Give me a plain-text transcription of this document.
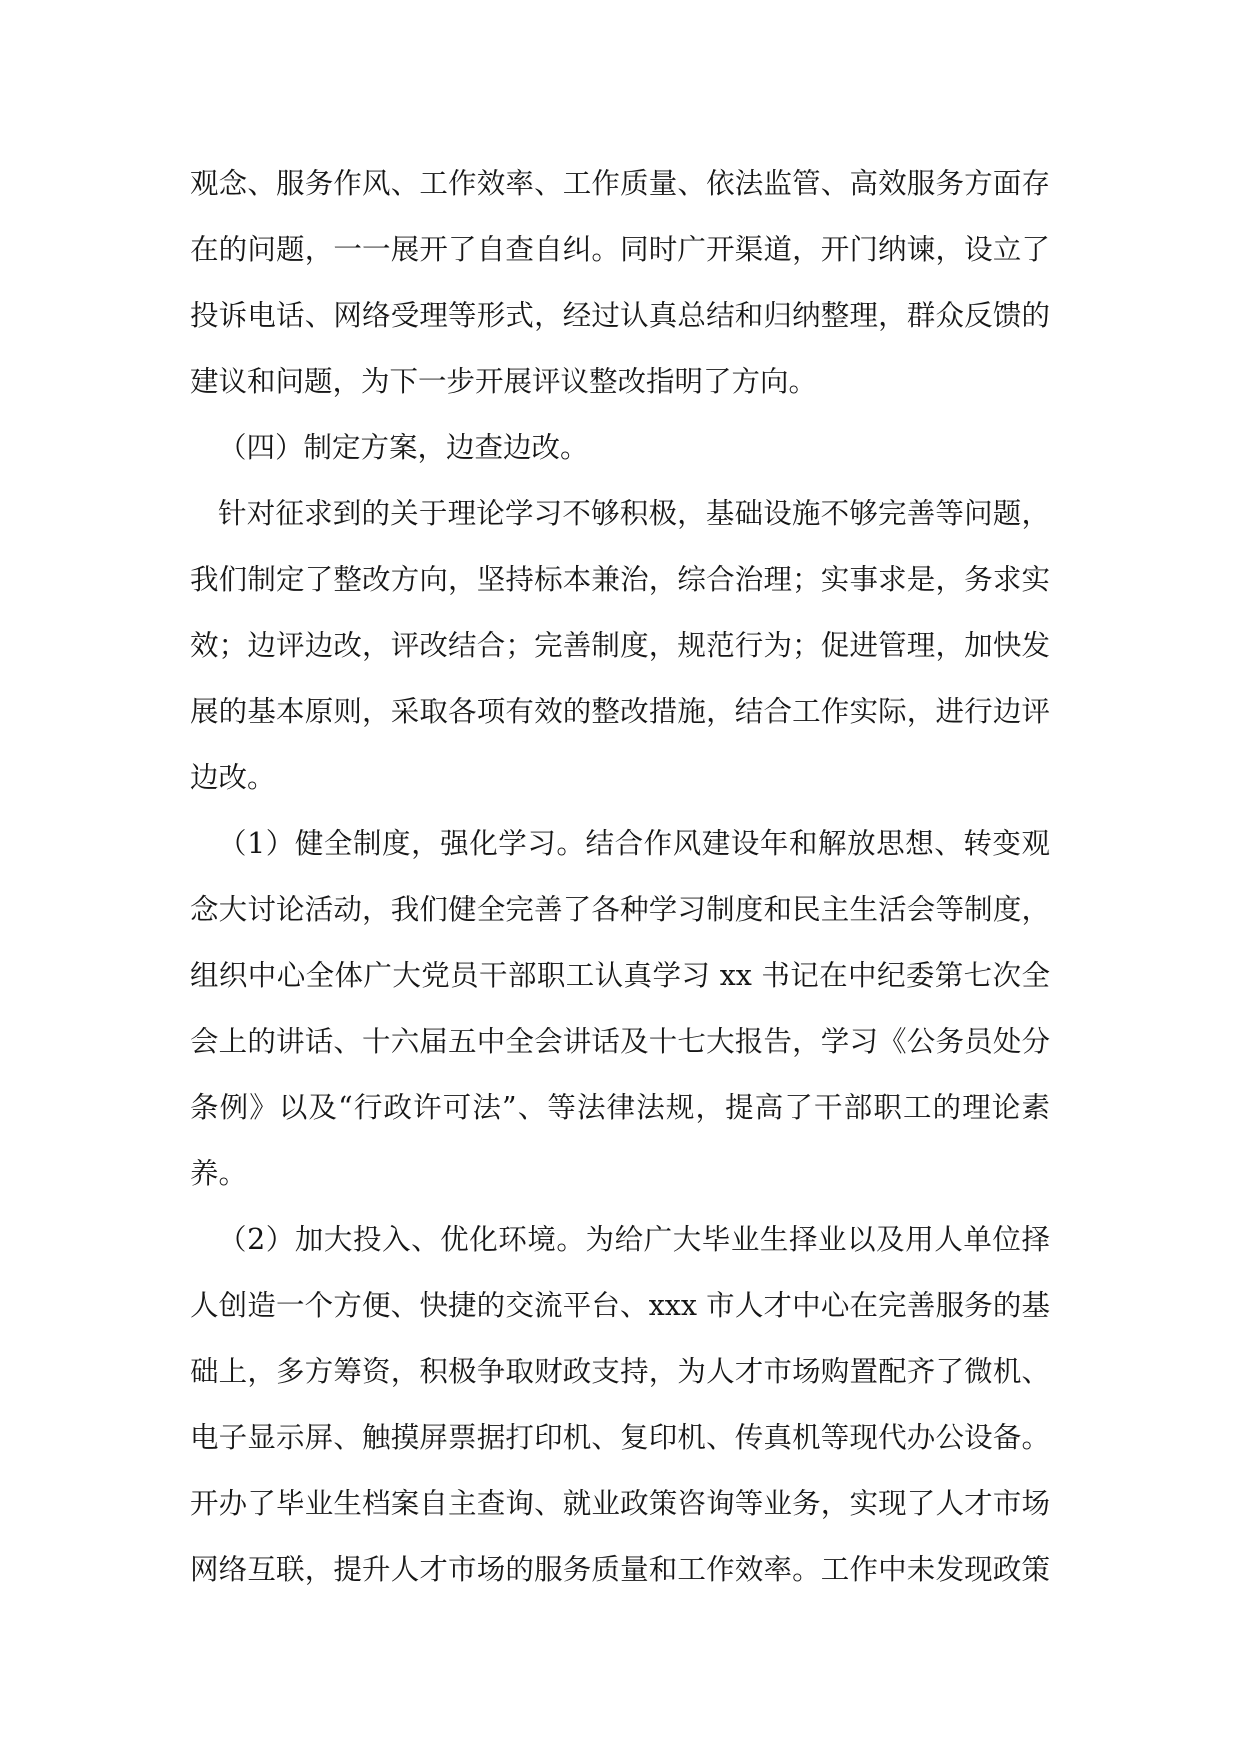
观念、服务作风、工作效率、工作质量、依法监管、高效服务方面存
在的问题，一一展开了自查自纠。同时广开渠道，开门纳谏，设立了
投诉电话、网络受理等形式，经过认真总结和归纳整理，群众反馈的
建议和问题，为下一步开展评议整改指明了方向。
（四）制定方案，边查边改。
针对征求到的关于理论学习不够积极，基础设施不够完善等问题，
我们制定了整改方向，坚持标本兼治，综合治理；实事求是，务求实
效；边评边改，评改结合；完善制度，规范行为；促进管理，加快发
展的基本原则，采取各项有效的整改措施，结合工作实际，进行边评
边改。
（1）健全制度，强化学习。结合作风建设年和解放思想、转变观
念大讨论活动，我们健全完善了各种学习制度和民主生活会等制度，
组织中心全体广大党员干部职工认真学习 xx 书记在中纪委第七次全
会上的讲话、十六届五中全会讲话及十七大报告，学习《公务员处分
条例》以及“行政许可法”、等法律法规，提高了干部职工的理论素
养。
（2）加大投入、优化环境。为给广大毕业生择业以及用人单位择
人创造一个方便、快捷的交流平台、xxx 市人才中心在完善服务的基
础上，多方筹资，积极争取财政支持，为人才市场购置配齐了微机、
电子显示屏、触摸屏票据打印机、复印机、传真机等现代办公设备。
开办了毕业生档案自主查询、就业政策咨询等业务，实现了人才市场
网络互联，提升人才市场的服务质量和工作效率。工作中未发现政策
